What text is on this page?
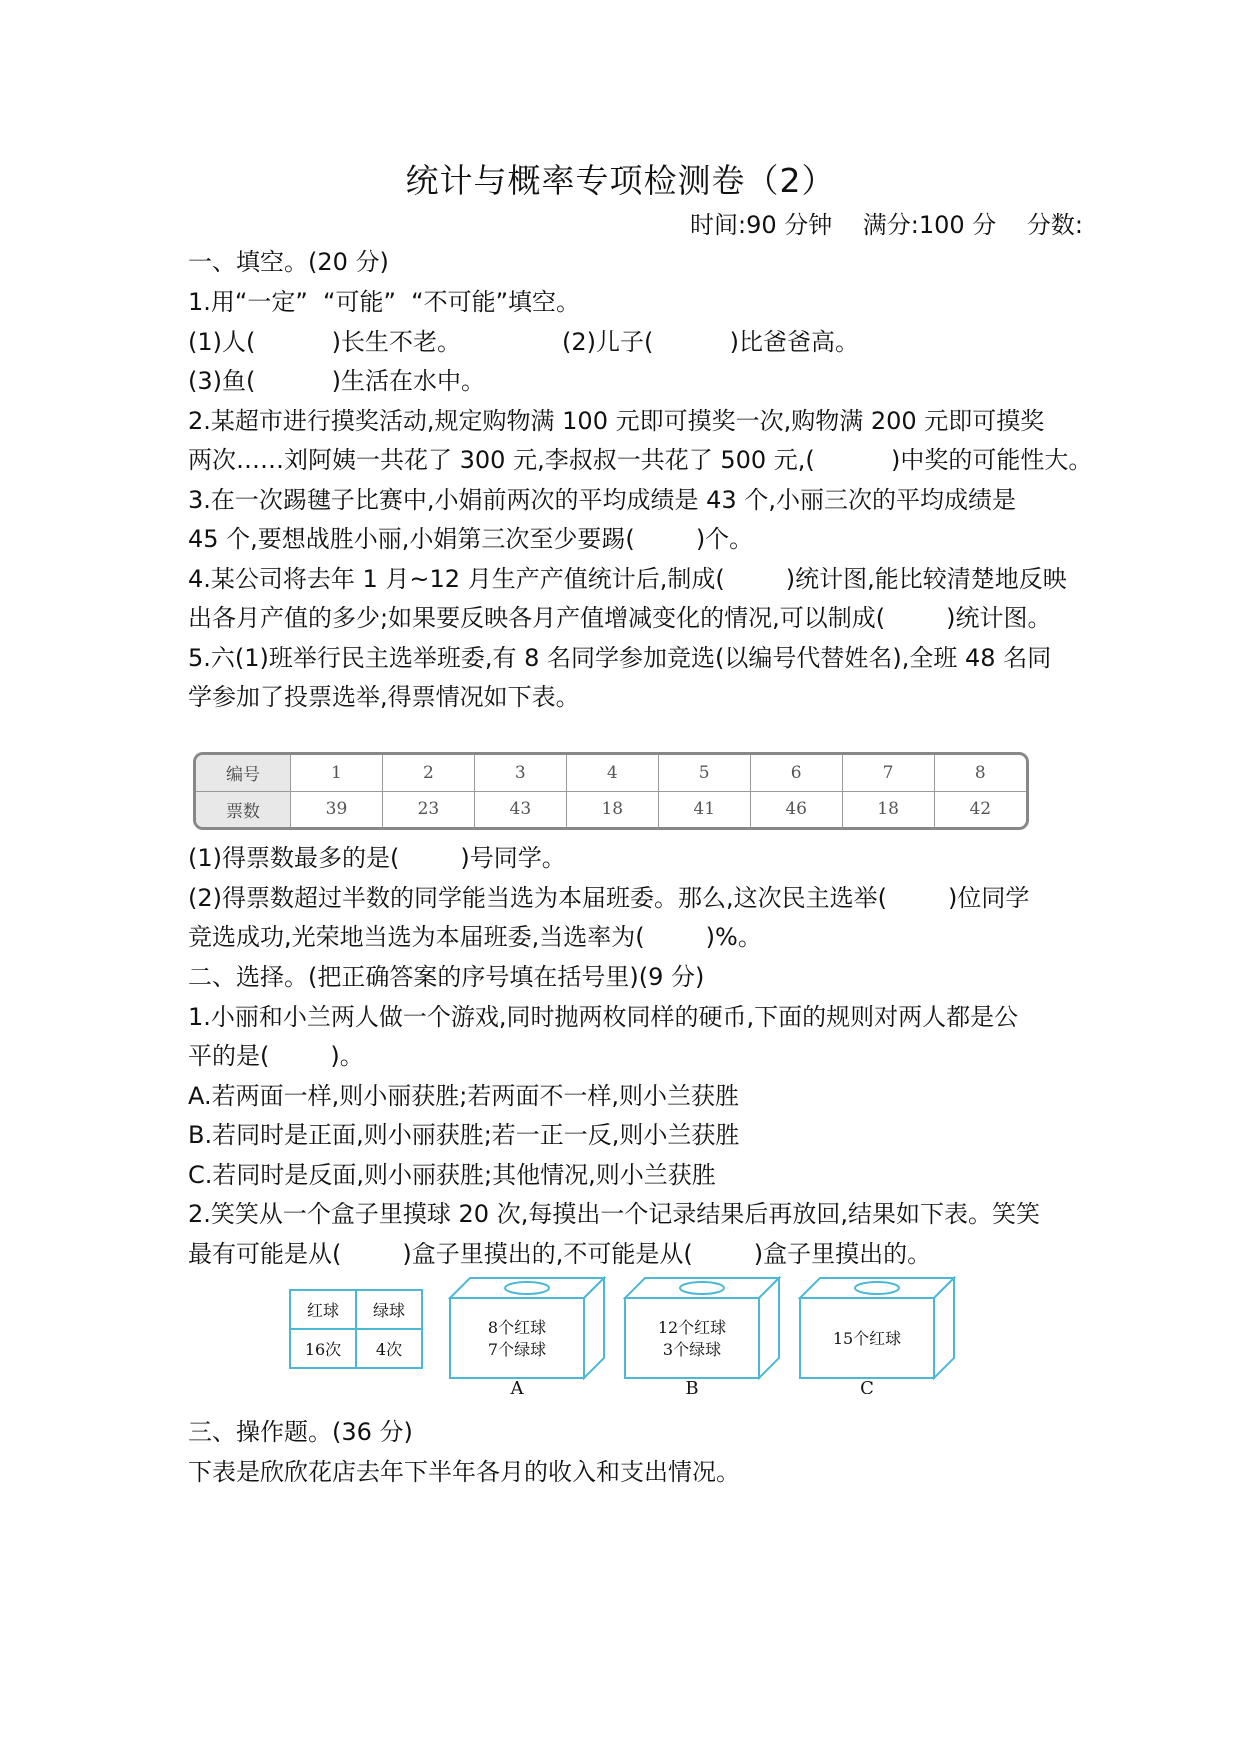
统计与概率专项检测卷（2）
时间:90 分钟 满分:100 分 分数:
一、填空。(20 分)
1.用“一定”  “可能”  “不可能”填空。
(1)人(          )长生不老。	(2)儿子(          )比爸爸高。
(3)鱼(          )生活在水中。
2.某超市进行摸奖活动,规定购物满 100 元即可摸奖一次,购物满 200 元即可摸奖
两次……刘阿姨一共花了 300 元,李叔叔一共花了 500 元,(          )中奖的可能性大。
3.在一次踢毽子比赛中,小娟前两次的平均成绩是 43 个,小丽三次的平均成绩是
45 个,要想战胜小丽,小娟第三次至少要踢(        )个。
4.某公司将去年 1 月~12 月生产产值统计后,制成(        )统计图,能比较清楚地反映
出各月产值的多少;如果要反映各月产值增减变化的情况,可以制成(        )统计图。
5.六(1)班举行民主选举班委,有 8 名同学参加竞选(以编号代替姓名),全班 48 名同
学参加了投票选举,得票情况如下表。
编号	1	2	3	4	5	6	7	8
票数	39	23	43	18	41	46	18	42
(1)得票数最多的是(        )号同学。
(2)得票数超过半数的同学能当选为本届班委。那么,这次民主选举(        )位同学
竞选成功,光荣地当选为本届班委,当选率为(        )%。
二、选择。(把正确答案的序号填在括号里)(9 分)
1.小丽和小兰两人做一个游戏,同时抛两枚同样的硬币,下面的规则对两人都是公
平的是(        )。
A.若两面一样,则小丽获胜;若两面不一样,则小兰获胜
B.若同时是正面,则小丽获胜;若一正一反,则小兰获胜
C.若同时是反面,则小丽获胜;其他情况,则小兰获胜
2.笑笑从一个盒子里摸球 20 次,每摸出一个记录结果后再放回,结果如下表。笑笑
最有可能是从(        )盒子里摸出的,不可能是从(        )盒子里摸出的。
红球	绿球
16次	4次
8个红球
7个绿球
A
12个红球
3个绿球
B
15个红球
C
三、操作题。(36 分)
下表是欣欣花店去年下半年各月的收入和支出情况。
